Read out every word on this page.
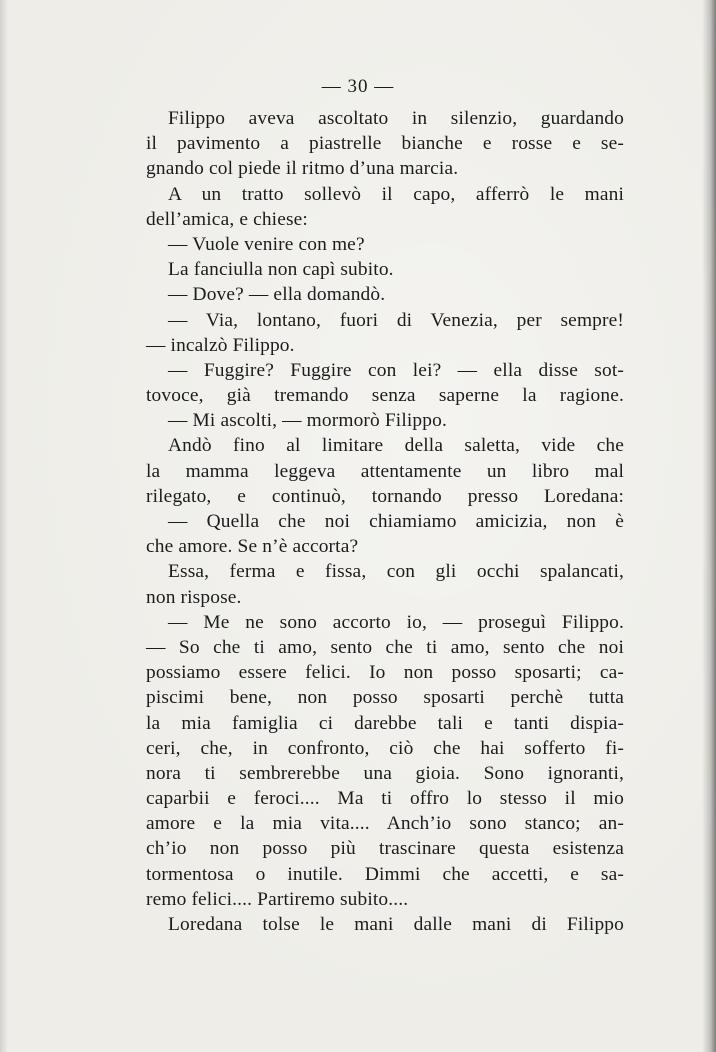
— 30 —
Filippo aveva ascoltato in silenzio, guardando
il pavimento a piastrelle bianche e rosse e se-
gnando col piede il ritmo d’una marcia.
A un tratto sollevò il capo, afferrò le mani
dell’amica, e chiese:
— Vuole venire con me?
La fanciulla non capì subito.
— Dove? — ella domandò.
— Via, lontano, fuori di Venezia, per sempre!
— incalzò Filippo.
— Fuggire? Fuggire con lei? — ella disse sot-
tovoce, già tremando senza saperne la ragione.
— Mi ascolti, — mormorò Filippo.
Andò fino al limitare della saletta, vide che
la mamma leggeva attentamente un libro mal
rilegato, e continuò, tornando presso Loredana:
— Quella che noi chiamiamo amicizia, non è
che amore. Se n’è accorta?
Essa, ferma e fissa, con gli occhi spalancati,
non rispose.
— Me ne sono accorto io, — proseguì Filippo.
— So che ti amo, sento che ti amo, sento che noi
possiamo essere felici. Io non posso sposarti; ca-
piscimi bene, non posso sposarti perchè tutta
la mia famiglia ci darebbe tali e tanti dispia-
ceri, che, in confronto, ciò che hai sofferto fi-
nora ti sembrerebbe una gioia. Sono ignoranti,
caparbii e feroci.... Ma ti offro lo stesso il mio
amore e la mia vita.... Anch’io sono stanco; an-
ch’io non posso più trascinare questa esistenza
tormentosa o inutile. Dimmi che accetti, e sa-
remo felici.... Partiremo subito....
Loredana tolse le mani dalle mani di Filippo
